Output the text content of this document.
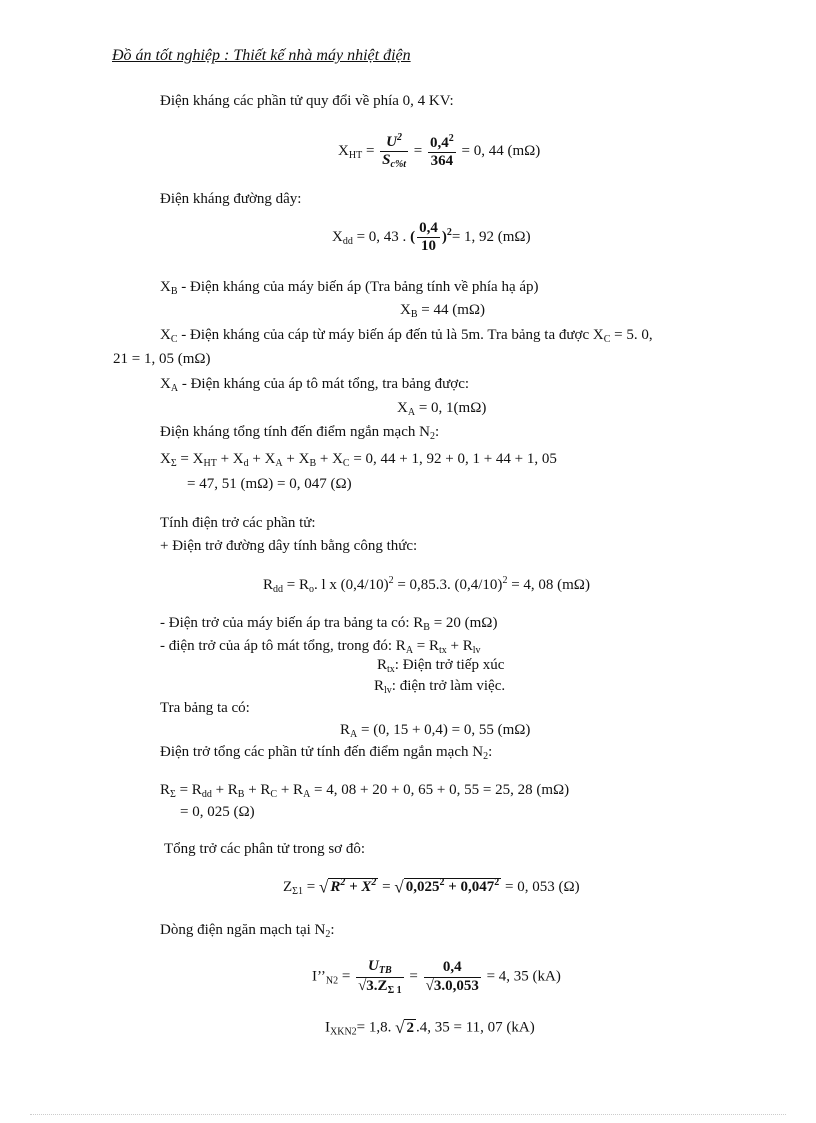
Đồ án tốt nghiệp : Thiết kế nhà máy nhiệt điện
Điện kháng các phần tử quy đổi về phía 0, 4 KV:
$X_{HT} = \frac{U^2}{S_{c\%t}} = \frac{0,4^2}{364} = 0$, 44 (mΩ)
Điện kháng đường dây:
$X_{dd} = 0$, 43 . ( $\frac{0,4}{10} )^2= 1$, 92 (mΩ)
$X_B$ - Điện kháng của máy biến áp (Tra bảng tính về phía hạ áp)
$X_B = 44$ (mΩ)
$X_C$ - Điện kháng của cáp từ máy biến áp đến tủ là 5m. Tra bảng ta được $X_C = 5$. 0,
21 = 1, 05 (mΩ)
$X_A$ - Điện kháng của áp tô mát tổng, tra bảng được:
$X_A = 0$, 1(mΩ)
Điện kháng tổng tính đến điểm ngắn mạch $N_2$:
$X_\Sigma = X_{HT} + X_d + X_A + X_B + X_C = 0$, 44 + 1, 92 + 0, 1 + 44 + 1, 05
= 47, 51 (mΩ) = 0, 047 (Ω)
Tính điện trở các phần tử:
+ Điện trở đường dây tính bằng công thức:
$R_{dd} = R_o$. l x $(0,4/10)^2 = 0,85.3$. $(0,4/10)^2 = 4$, 08 (mΩ)
- Điện trở của máy biến áp tra bảng ta có: $R_B = 20$ (mΩ)
- điện trở của áp tô mát tổng, trong đó: $R_A = R_{tx} + R_{lv}$
$R_{tx}$: Điện trở tiếp xúc
$R_{lv}$: điện trở làm việc.
Tra bảng ta có:
$R_A = (0$, 15 + 0,4) = 0, 55 (mΩ)
Điện trở tổng các phần tử tính đến điểm ngắn mạch $N_2$:
$R_\Sigma = R_{dd} + R_B + R_C + R_A = 4$, 08 + 20 + 0, 65 + 0, 55 = 25, 28 (mΩ)
= 0, 025 (Ω)
Tổng trở các phân tử trong sơ đô:
$Z_{\Sigma 1}$ = √ $R^2 + X^2$ = √ $0,025^2 + 0,047^2 = 0$, 053 (Ω)
Dòng điện ngăn mạch tại $N_2$:
$I’’_{N2} = \frac{U_{TB}}{√3.Z_{\Sigma 1}} = \frac{0,4}{√3.0,053} = 4$, 35 (kA)
$I_{XKN2}= 1,8$. √ 2 .4, 35 = 11, 07 (kA)
